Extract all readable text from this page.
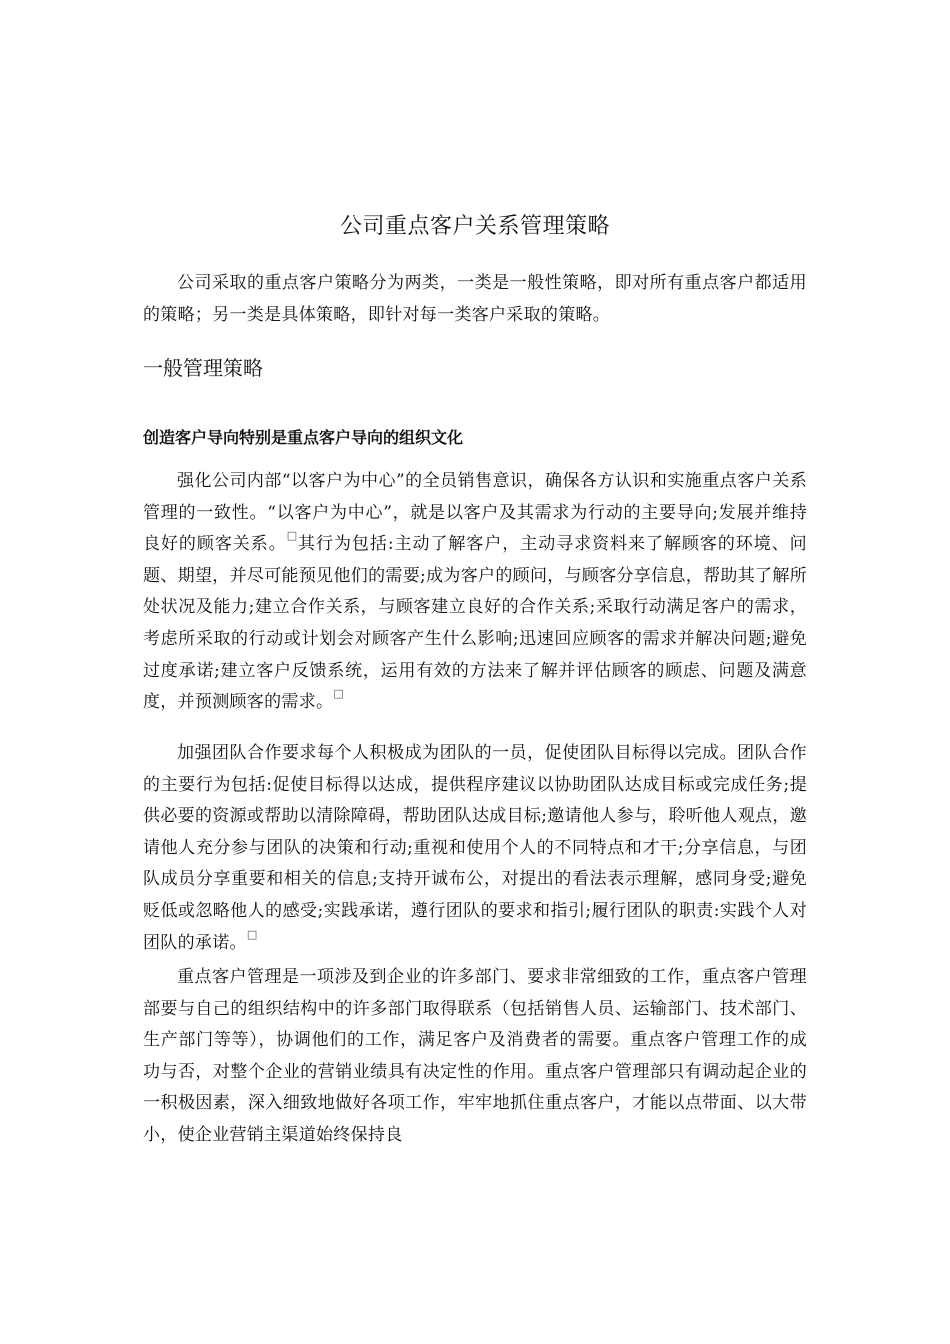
公司重点客户关系管理策略

公司采取的重点客户策略分为两类，一类是一般性策略，即对所有重点客户都适用的策略；另一类是具体策略，即针对每一类客户采取的策略。

一般管理策略
创造客户导向特别是重点客户导向的组织文化

强化公司内部“以客户为中心”的全员销售意识，确保各方认识和实施重点客户关系管理的一致性。“以客户为中心”，就是以客户及其需求为行动的主要导向;发展并维持良好的顾客关系。□其行为包括:主动了解客户，主动寻求资料来了解顾客的环境、问题、期望，并尽可能预见他们的需要;成为客户的顾问，与顾客分享信息，帮助其了解所处状况及能力;建立合作关系，与顾客建立良好的合作关系;采取行动满足客户的需求，考虑所采取的行动或计划会对顾客产生什么影响;迅速回应顾客的需求并解决问题;避免过度承诺;建立客户反馈系统，运用有效的方法来了解并评估顾客的顾虑、问题及满意度，并预测顾客的需求。□

加强团队合作要求每个人积极成为团队的一员，促使团队目标得以完成。团队合作的主要行为包括:促使目标得以达成，提供程序建议以协助团队达成目标或完成任务;提供必要的资源或帮助以清除障碍，帮助团队达成目标;邀请他人参与，聆听他人观点，邀请他人充分参与团队的决策和行动;重视和使用个人的不同特点和才干;分享信息，与团队成员分享重要和相关的信息;支持开诚布公，对提出的看法表示理解，感同身受;避免贬低或忽略他人的感受;实践承诺，遵行团队的要求和指引;履行团队的职责:实践个人对团队的承诺。□

重点客户管理是一项涉及到企业的许多部门、要求非常细致的工作，重点客户管理部要与自己的组织结构中的许多部门取得联系（包括销售人员、运输部门、技术部门、生产部门等等），协调他们的工作，满足客户及消费者的需要。重点客户管理工作的成功与否，对整个企业的营销业绩具有决定性的作用。重点客户管理部只有调动起企业的一积极因素，深入细致地做好各项工作，牢牢地抓住重点客户，才能以点带面、以大带小，使企业营销主渠道始终保持良
